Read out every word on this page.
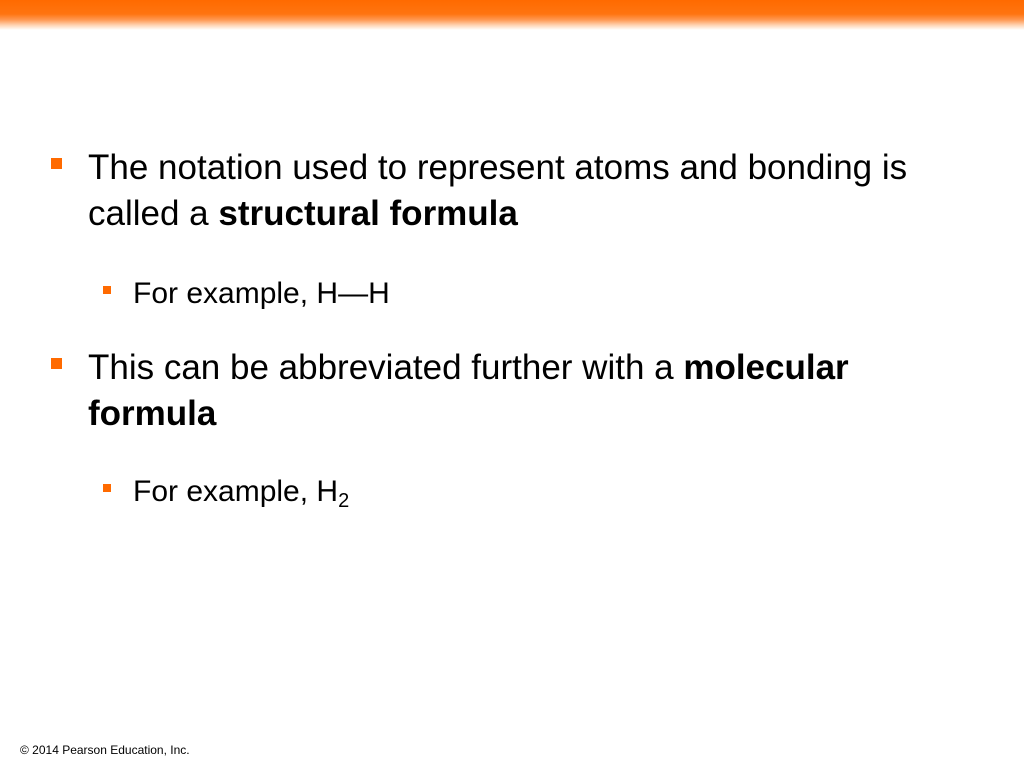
The notation used to represent atoms and bonding is called a structural formula
For example, H—H
This can be abbreviated further with a molecular formula
For example, $H_2$
© 2014 Pearson Education, Inc.
